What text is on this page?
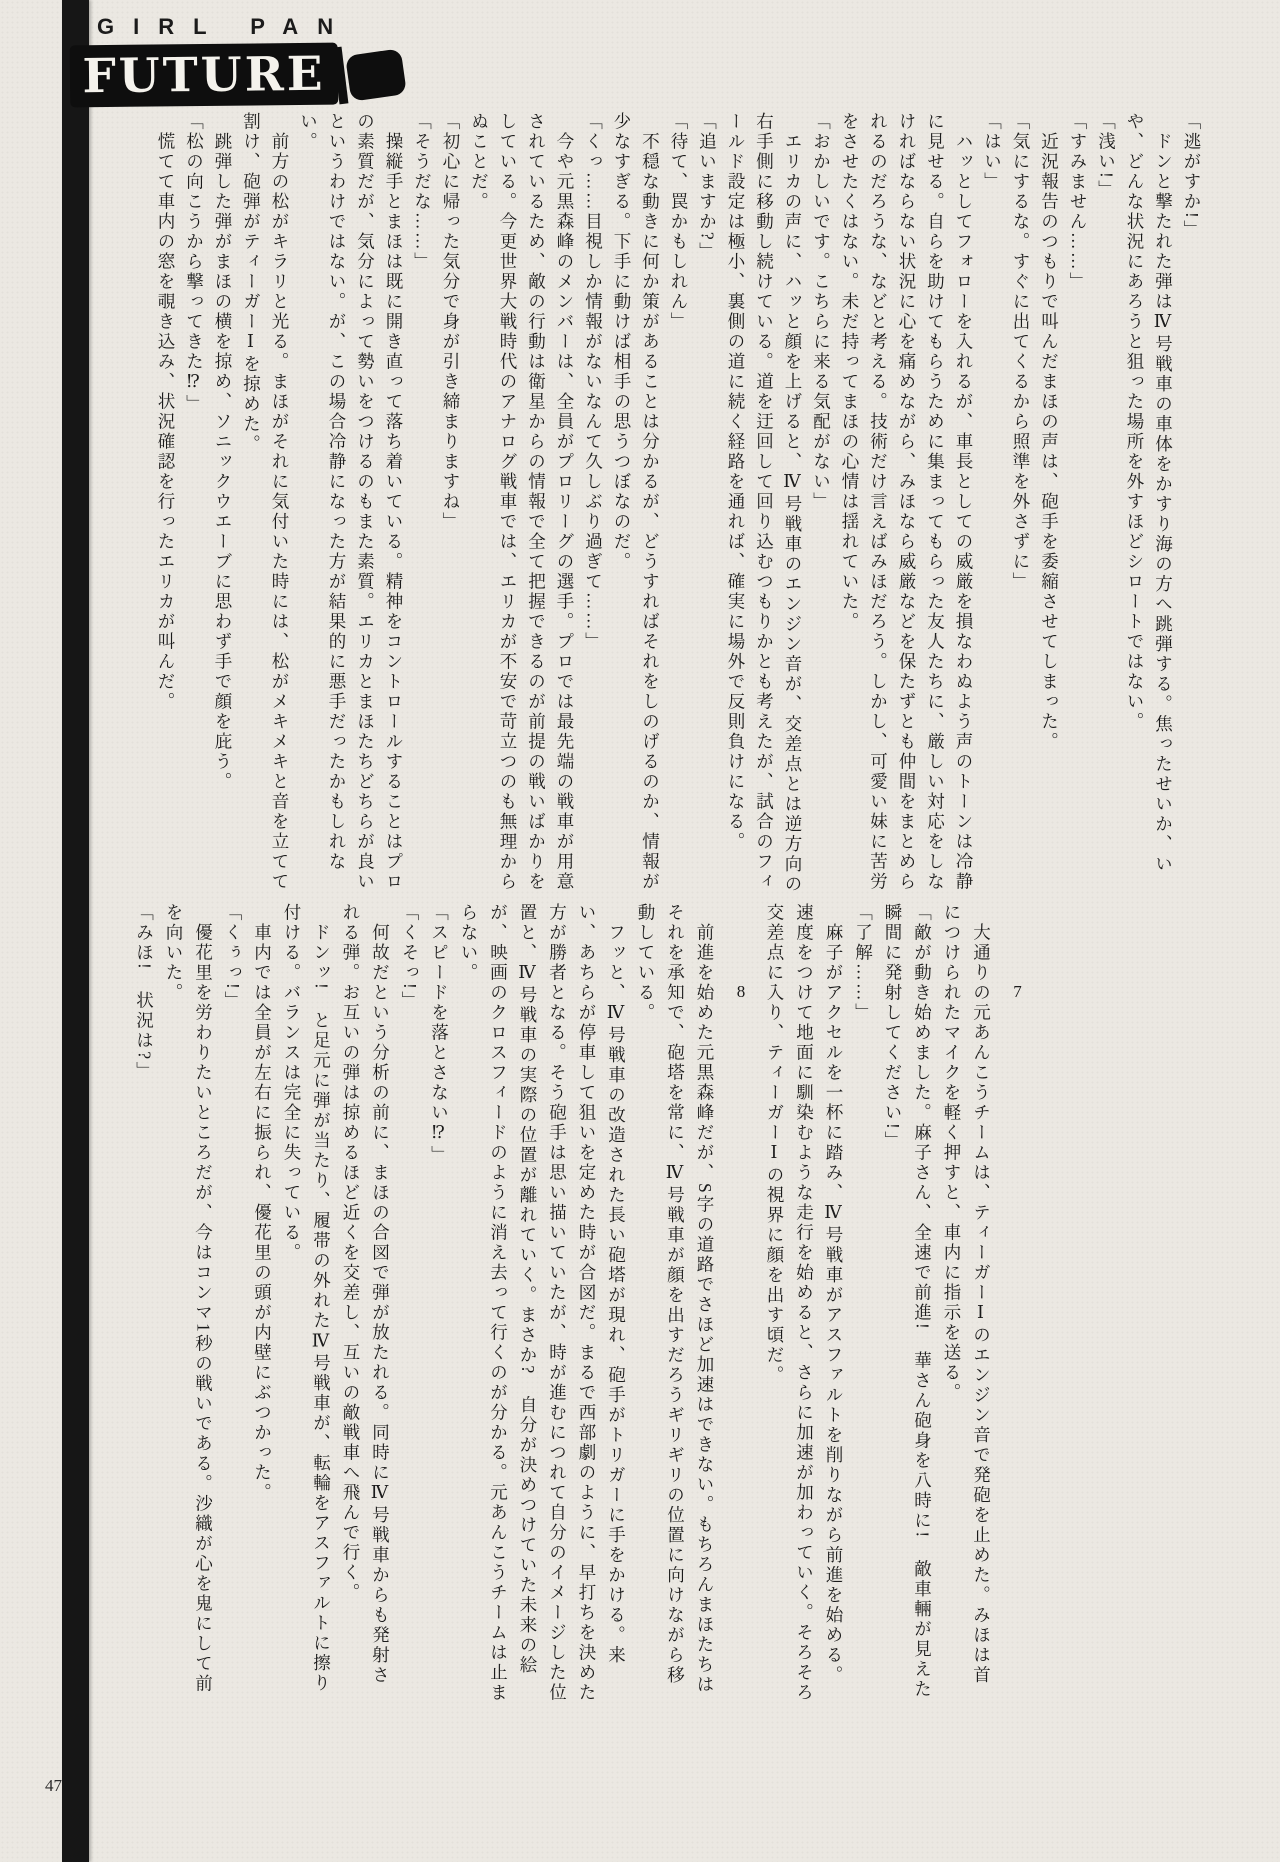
GIRL PAN
FUTURE

「逃がすか!」

　ドンと撃たれた弾はⅣ号戦車の車体をかすり海の方へ跳弾する。焦ったせいか、いや、どんな状況にあろうと狙った場所を外すほどシロートではない。

「浅い!」

「すみません……」

　近況報告のつもりで叫んだまほの声は、砲手を委縮させてしまった。

「気にするな。すぐに出てくるから照準を外さずに」

「はい」

　ハッとしてフォローを入れるが、車長としての威厳を損なわぬよう声のトーンは冷静に見せる。自らを助けてもらうために集まってもらった友人たちに、厳しい対応をしなければならない状況に心を痛めながら、みほなら威厳などを保たずとも仲間をまとめられるのだろうな、などと考える。技術だけ言えばみほだろう。しかし、可愛い妹に苦労をさせたくはない。未だ持ってまほの心情は揺れていた。

「おかしいです。こちらに来る気配がない」

　エリカの声に、ハッと顔を上げると、Ⅳ号戦車のエンジン音が、交差点とは逆方向の右手側に移動し続けている。道を迂回して回り込むつもりかとも考えたが、試合のフィールド設定は極小、裏側の道に続く経路を通れば、確実に場外で反則負けになる。

「追いますか?」

「待て、罠かもしれん」

　不穏な動きに何か策があることは分かるが、どうすればそれをしのげるのか、情報が少なすぎる。下手に動けば相手の思うつぼなのだ。

「くっ……目視しか情報がないなんて久しぶり過ぎて……」

　今や元黒森峰のメンバーは、全員がプロリーグの選手。プロでは最先端の戦車が用意されているため、敵の行動は衛星からの情報で全て把握できるのが前提の戦いばかりをしている。今更世界大戦時代のアナログ戦車では、エリカが不安で苛立つのも無理からぬことだ。

「初心に帰った気分で身が引き締まりますね」

「そうだな……」

　操縦手とまほは既に開き直って落ち着いている。精神をコントロールすることはプロの素質だが、気分によって勢いをつけるのもまた素質。エリカとまほたちどちらが良いというわけではない。が、この場合冷静になった方が結果的に悪手だったかもしれない。

　前方の松がキラリと光る。まほがそれに気付いた時には、松がメキメキと音を立てて割け、砲弾がティーガーⅠを掠めた。

　跳弾した弾がまほの横を掠め、ソニックウエーブに思わず手で顔を庇う。

「松の向こうから撃ってきた⁉」

　慌てて車内の窓を覗き込み、状況確認を行ったエリカが叫んだ。

7

　大通りの元あんこうチームは、ティーガーⅠのエンジン音で発砲を止めた。みほは首につけられたマイクを軽く押すと、車内に指示を送る。

「敵が動き始めました。麻子さん、全速で前進!　華さん砲身を八時に!　敵車輛が見えた瞬間に発射してください!」

「了解……」

　麻子がアクセルを一杯に踏み、Ⅳ号戦車がアスファルトを削りながら前進を始める。速度をつけて地面に馴染むような走行を始めると、さらに加速が加わっていく。そろそろ交差点に入り、ティーガーⅠの視界に顔を出す頃だ。

8

　前進を始めた元黒森峰だが、S字の道路でさほど加速はできない。もちろんまほたちはそれを承知で、砲塔を常に、Ⅳ号戦車が顔を出すだろうギリギリの位置に向けながら移動している。

　フッと、Ⅳ号戦車の改造された長い砲塔が現れ、砲手がトリガーに手をかける。来い、あちらが停車して狙いを定めた時が合図だ。まるで西部劇のように、早打ちを決めた方が勝者となる。そう砲手は思い描いていたが、時が進むにつれて自分のイメージした位置と、Ⅳ号戦車の実際の位置が離れていく。まさか?　自分が決めつけていた未来の絵が、映画のクロスフィードのように消え去って行くのが分かる。元あんこうチームは止まらない。

「スピードを落とさない⁉」

「くそっ!」

　何故だという分析の前に、まほの合図で弾が放たれる。同時にⅣ号戦車からも発射される弾。お互いの弾は掠めるほど近くを交差し、互いの敵戦車へ飛んで行く。

　ドンッ!　と足元に弾が当たり、履帯の外れたⅣ号戦車が、転輪をアスファルトに擦り付ける。バランスは完全に失っている。

　車内では全員が左右に振られ、優花里の頭が内壁にぶつかった。

「くぅっ!」

　優花里を労わりたいところだが、今はコンマ1秒の戦いである。沙織が心を鬼にして前を向いた。

「みほ!　状況は?」

47
